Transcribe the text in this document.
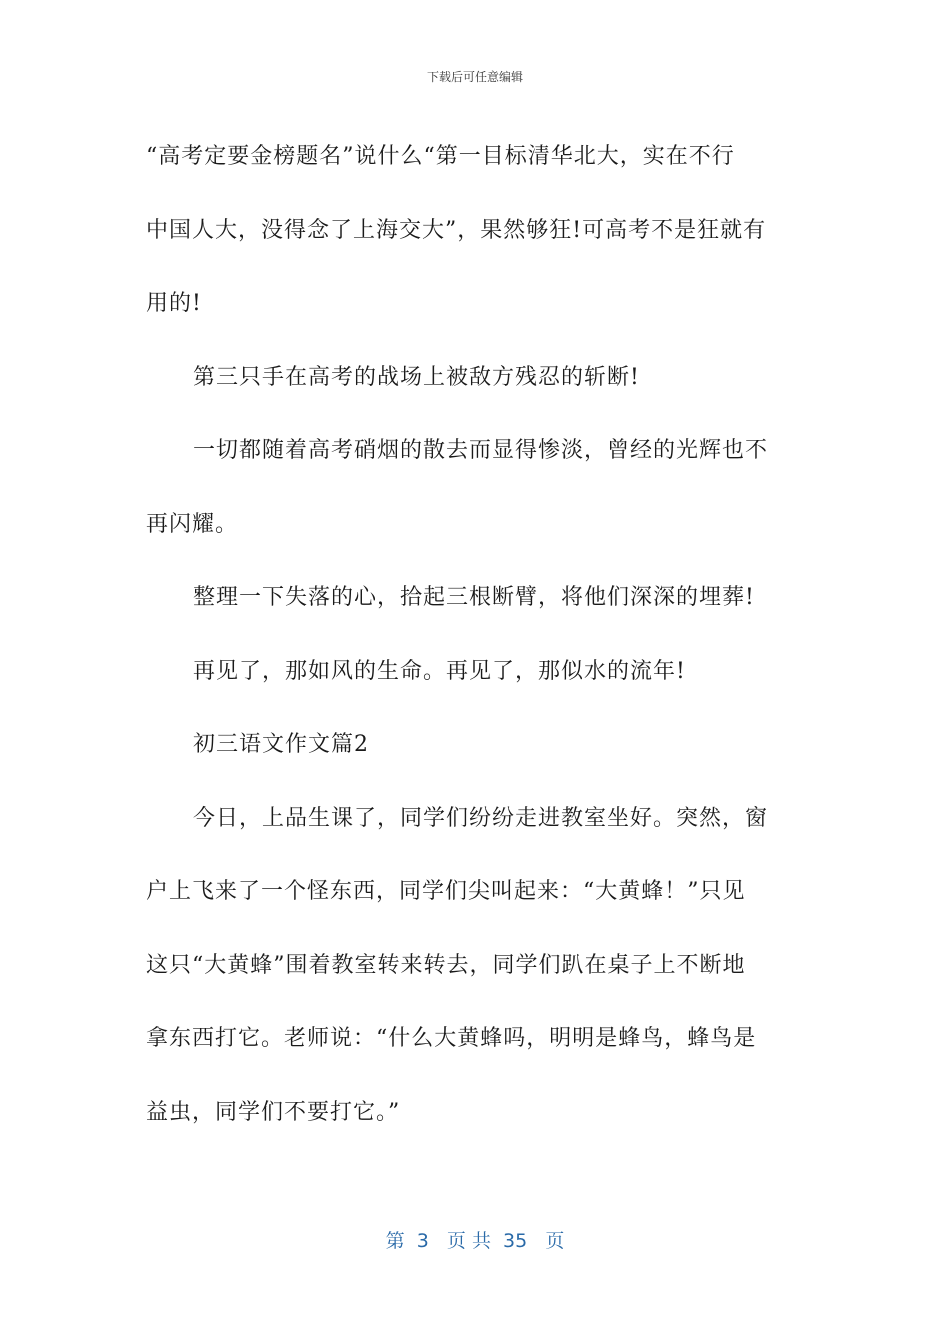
下载后可任意编辑

“高考定要金榜题名”说什么“第一目标清华北大，实在不行

中国人大，没得念了上海交大”，果然够狂!可高考不是狂就有

用的!

第三只手在高考的战场上被敌方残忍的斩断!

一切都随着高考硝烟的散去而显得惨淡，曾经的光辉也不

再闪耀。

整理一下失落的心，拾起三根断臂，将他们深深的埋葬!

再见了，那如风的生命。再见了，那似水的流年!

初三语文作文篇2

今日，上品生课了，同学们纷纷走进教室坐好。突然，窗

户上飞来了一个怪东西，同学们尖叫起来：“大黄蜂！”只见

这只“大黄蜂”围着教室转来转去，同学们趴在桌子上不断地

拿东西打它。老师说：“什么大黄蜂吗，明明是蜂鸟，蜂鸟是

益虫，同学们不要打它。”

第  3   页 共  35   页
